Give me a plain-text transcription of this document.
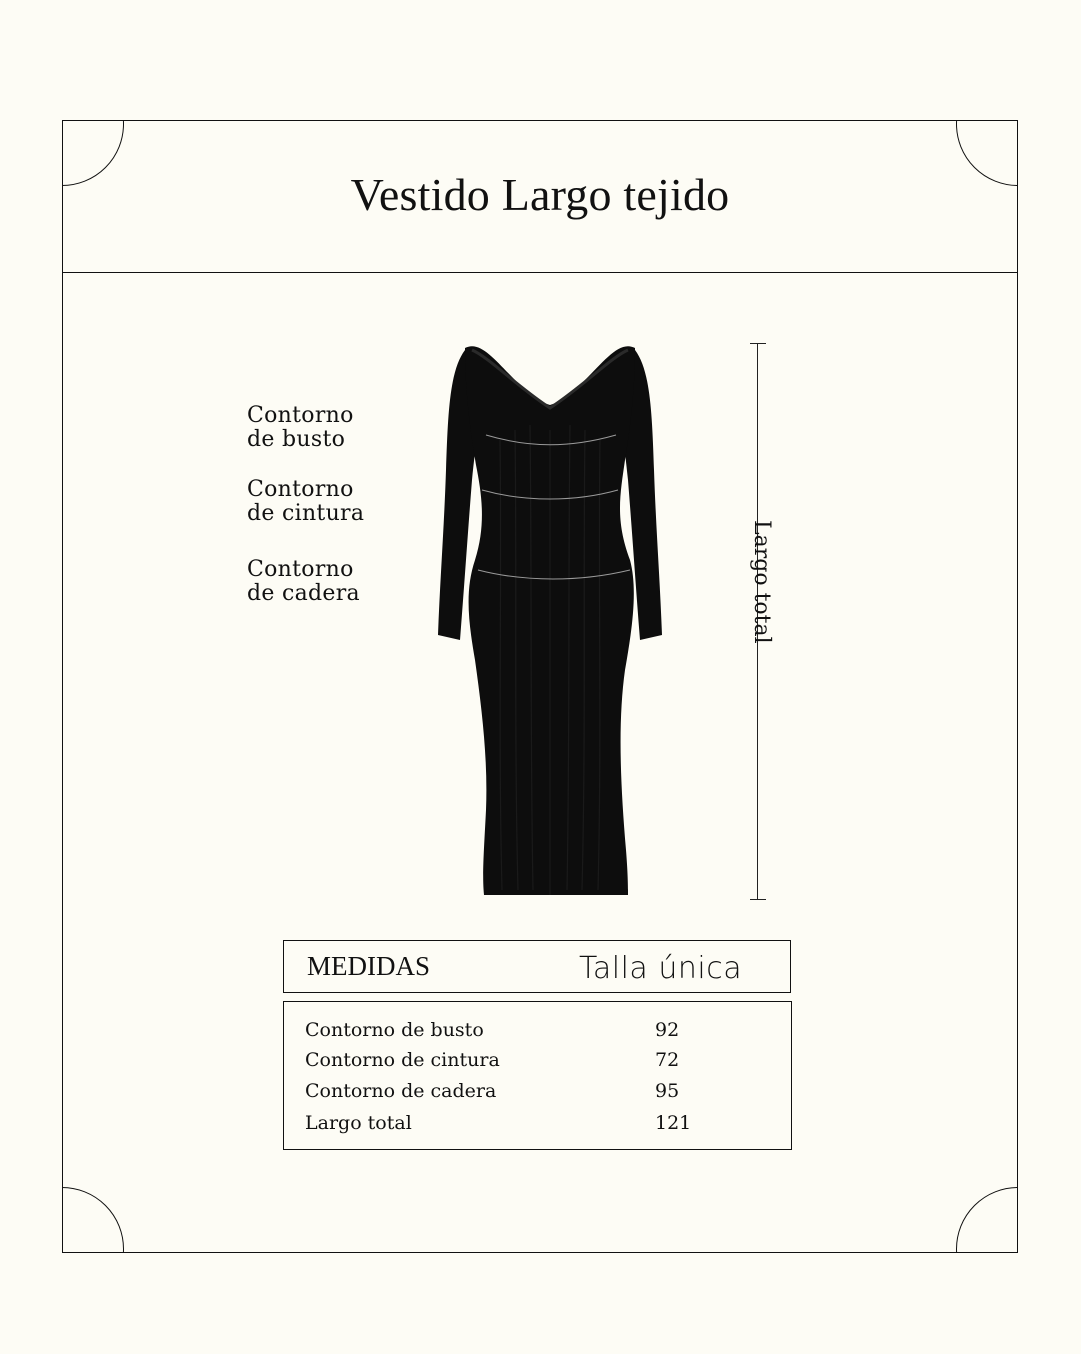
Vestido Largo tejido
Contorno
de busto
Contorno
de cintura
Contorno
de cadera	Largo total
MEDIDAS	Talla única
Contorno de busto	92
Contorno de cintura	72
Contorno de cadera	95
Largo total	121
